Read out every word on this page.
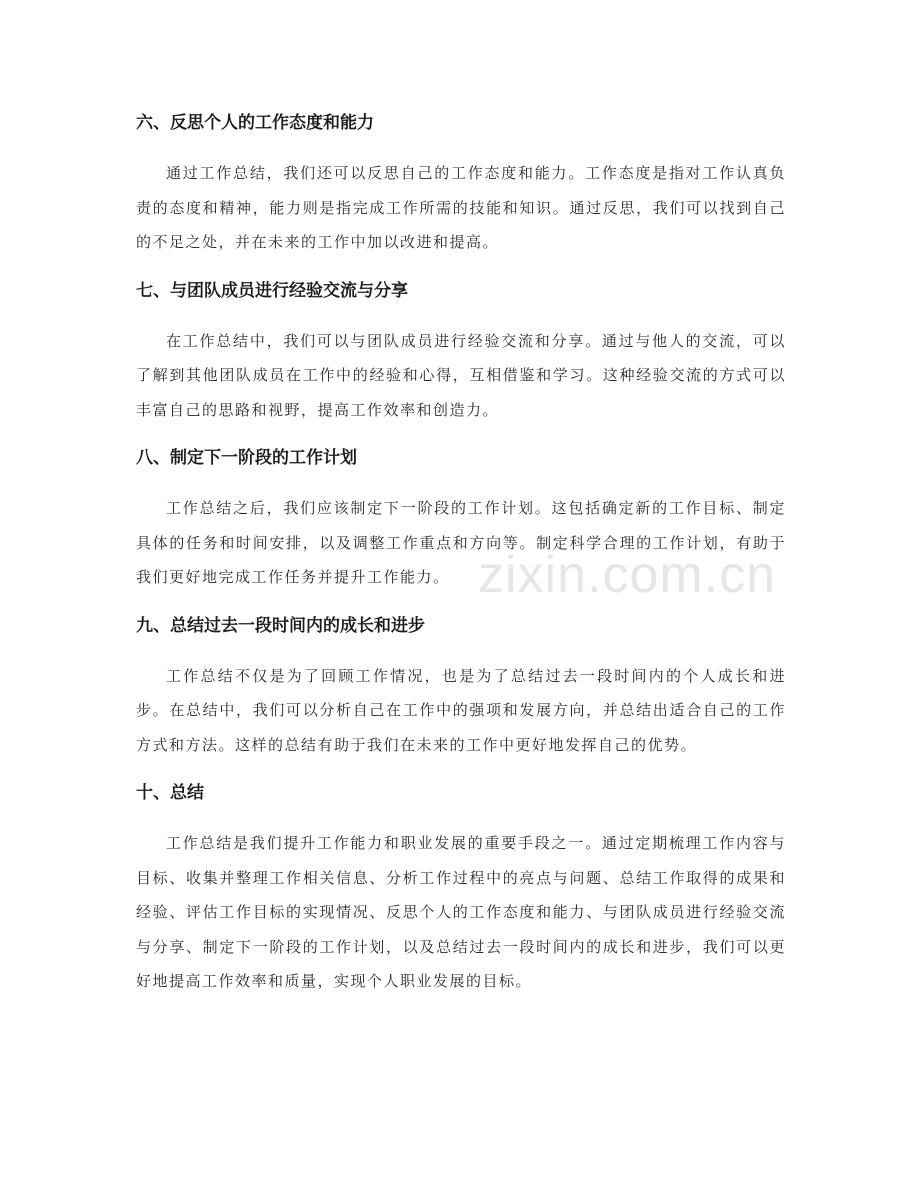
六、反思个人的工作态度和能力

通过工作总结，我们还可以反思自己的工作态度和能力。工作态度是指对工作认真负责的态度和精神，能力则是指完成工作所需的技能和知识。通过反思，我们可以找到自己的不足之处，并在未来的工作中加以改进和提高。

七、与团队成员进行经验交流与分享

在工作总结中，我们可以与团队成员进行经验交流和分享。通过与他人的交流，可以了解到其他团队成员在工作中的经验和心得，互相借鉴和学习。这种经验交流的方式可以丰富自己的思路和视野，提高工作效率和创造力。

八、制定下一阶段的工作计划

工作总结之后，我们应该制定下一阶段的工作计划。这包括确定新的工作目标、制定具体的任务和时间安排，以及调整工作重点和方向等。制定科学合理的工作计划，有助于我们更好地完成工作任务并提升工作能力。

九、总结过去一段时间内的成长和进步

工作总结不仅是为了回顾工作情况，也是为了总结过去一段时间内的个人成长和进步。在总结中，我们可以分析自己在工作中的强项和发展方向，并总结出适合自己的工作方式和方法。这样的总结有助于我们在未来的工作中更好地发挥自己的优势。

十、总结

工作总结是我们提升工作能力和职业发展的重要手段之一。通过定期梳理工作内容与目标、收集并整理工作相关信息、分析工作过程中的亮点与问题、总结工作取得的成果和经验、评估工作目标的实现情况、反思个人的工作态度和能力、与团队成员进行经验交流与分享、制定下一阶段的工作计划，以及总结过去一段时间内的成长和进步，我们可以更好地提高工作效率和质量，实现个人职业发展的目标。

zixin.com.cn
